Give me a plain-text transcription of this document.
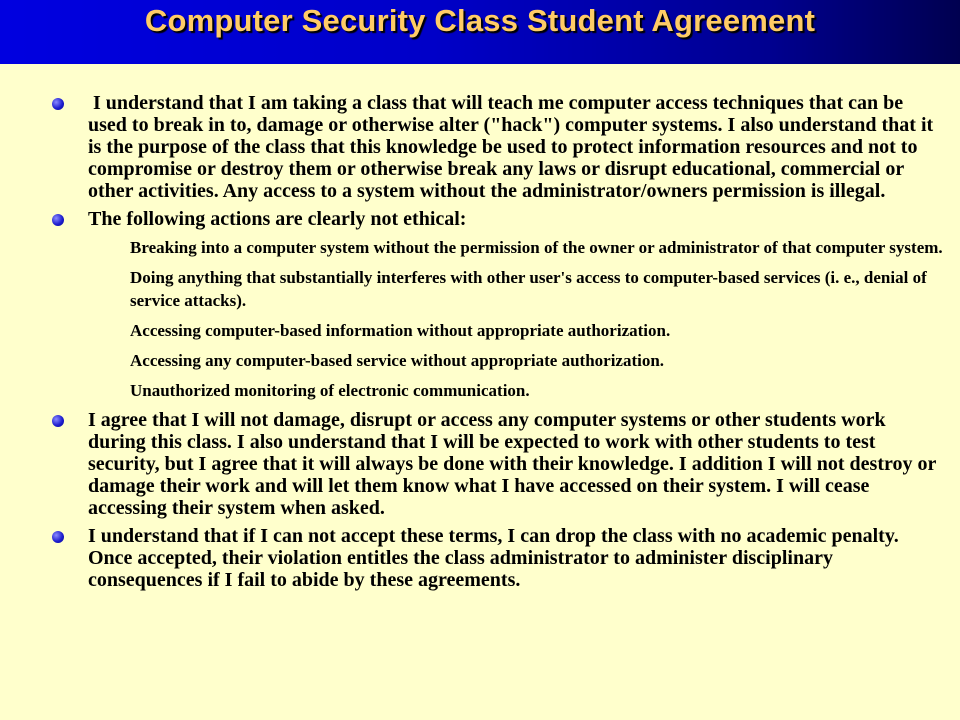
Computer Security Class Student Agreement
I understand that I am taking a class that will teach me computer access techniques that can be used to break in to, damage or otherwise alter ("hack") computer systems. I also understand that it is the purpose of the class that this knowledge be used to protect information resources and not to compromise or destroy them or otherwise break any laws or disrupt educational, commercial or other activities. Any access to a system without the administrator/owners permission is illegal.
The following actions are clearly not ethical:
– Breaking into a computer system without the permission of the owner or administrator of that computer system.
– Doing anything that substantially interferes with other user's access to computer-based services (i. e., denial of service attacks).
– Accessing computer-based information without appropriate authorization.
– Accessing any computer-based service without appropriate authorization.
– Unauthorized monitoring of electronic communication.
I agree that I will not damage, disrupt or access any computer systems or other students work during this class. I also understand that I will be expected to work with other students to test security, but I agree that it will always be done with their knowledge. I addition I will not destroy or damage their work and will let them know what I have accessed on their system. I will cease accessing their system when asked.
I understand that if I can not accept these terms, I can drop the class with no academic penalty. Once accepted, their violation entitles the class administrator to administer disciplinary consequences if I fail to abide by these agreements.
